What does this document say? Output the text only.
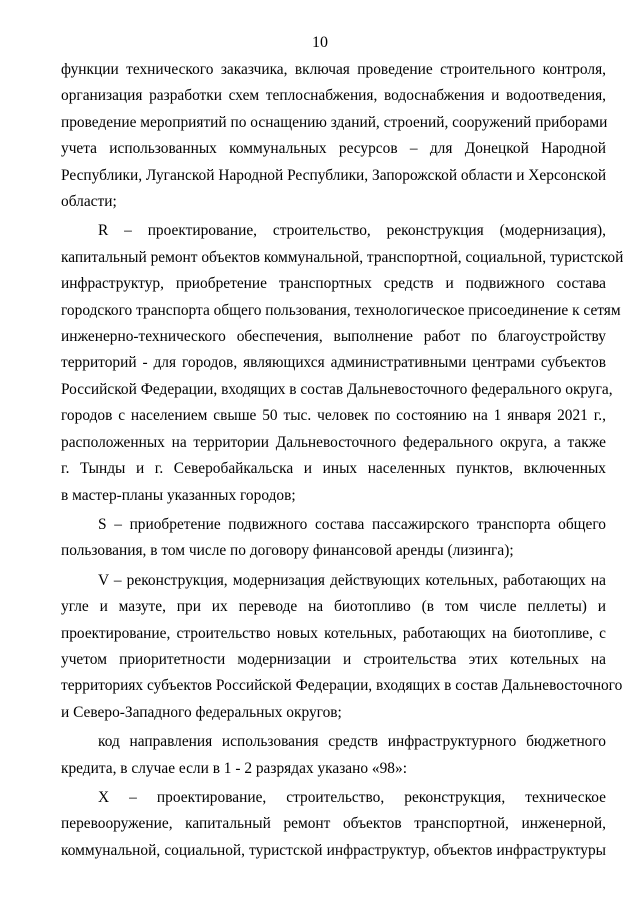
10

функции технического заказчика, включая проведение строительного контроля,
организация разработки схем теплоснабжения, водоснабжения и водоотведения,
проведение мероприятий по оснащению зданий, строений, сооружений приборами
учета использованных коммунальных ресурсов – для Донецкой Народной
Республики, Луганской Народной Республики, Запорожской области и Херсонской
области;

R – проектирование, строительство, реконструкция (модернизация),
капитальный ремонт объектов коммунальной, транспортной, социальной, туристской
инфраструктур, приобретение транспортных средств и подвижного состава
городского транспорта общего пользования, технологическое присоединение к сетям
инженерно-технического обеспечения, выполнение работ по благоустройству
территорий - для городов, являющихся административными центрами субъектов
Российской Федерации, входящих в состав Дальневосточного федерального округа,
городов с населением свыше 50 тыс. человек по состоянию на 1 января 2021 г.,
расположенных на территории Дальневосточного федерального округа, а также
г. Тынды и г. Северобайкальска и иных населенных пунктов, включенных
в мастер-планы указанных городов;

S – приобретение подвижного состава пассажирского транспорта общего
пользования, в том числе по договору финансовой аренды (лизинга);

V – реконструкция, модернизация действующих котельных, работающих на
угле и мазуте, при их переводе на биотопливо (в том числе пеллеты) и
проектирование, строительство новых котельных, работающих на биотопливе, с
учетом приоритетности модернизации и строительства этих котельных на
территориях субъектов Российской Федерации, входящих в состав Дальневосточного
и Северо-Западного федеральных округов;

код направления использования средств инфраструктурного бюджетного
кредита, в случае если в 1 - 2 разрядах указано «98»:

X – проектирование, строительство, реконструкция, техническое
перевооружение, капитальный ремонт объектов транспортной, инженерной,
коммунальной, социальной, туристской инфраструктур, объектов инфраструктуры
